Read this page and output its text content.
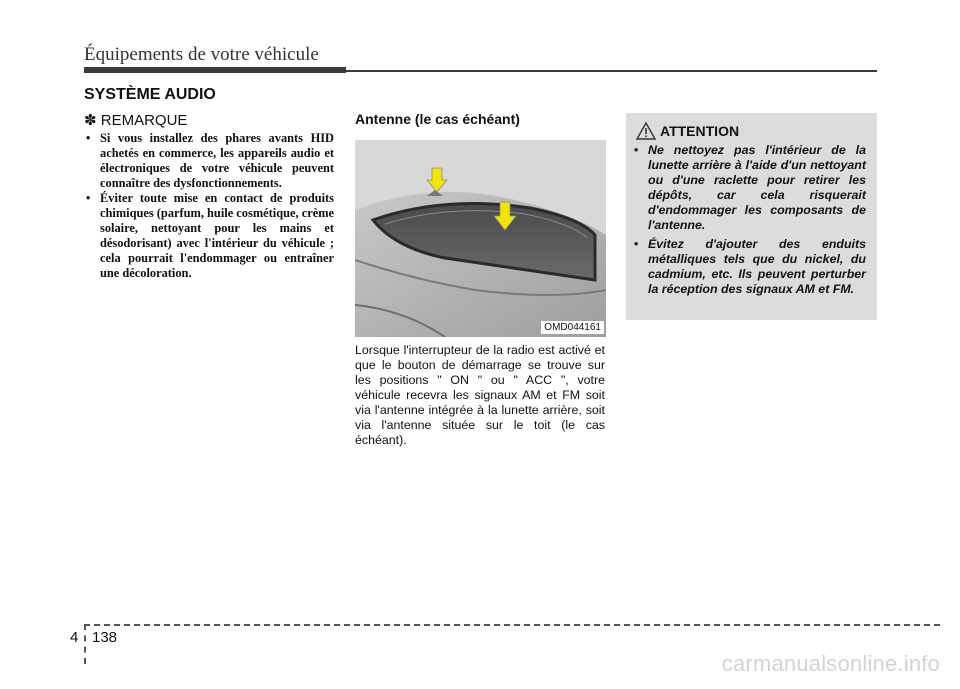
Équipements de votre véhicule
SYSTÈME AUDIO
✽ REMARQUE
• Si vous installez des phares avants HID achetés en commerce, les appareils audio et électroniques de votre véhicule peuvent connaître des dysfonctionnements.
• Éviter toute mise en contact de produits chimiques (parfum, huile cosmétique, crème solaire, nettoyant pour les mains et désodorisant) avec l'intérieur du véhicule ; cela pourrait l'endommager ou entraîner une décoloration.
Antenne (le cas échéant)
OMD044161
Lorsque l'interrupteur de la radio est activé et que le bouton de démarrage se trouve sur les positions " ON " ou " ACC ", votre véhicule recevra les signaux AM et FM soit via l'antenne intégrée à la lunette arrière, soit via l'antenne située sur le toit (le cas échéant).
ATTENTION
• Ne nettoyez pas l'intérieur de la lunette arrière à l'aide d'un nettoyant ou d'une raclette pour retirer les dépôts, car cela risquerait d'endommager les composants de l'antenne.
• Évitez d'ajouter des enduits métalliques tels que du nickel, du cadmium, etc. Ils peuvent perturber la réception des signaux AM et FM.
4 138
carmanualsonline.info
